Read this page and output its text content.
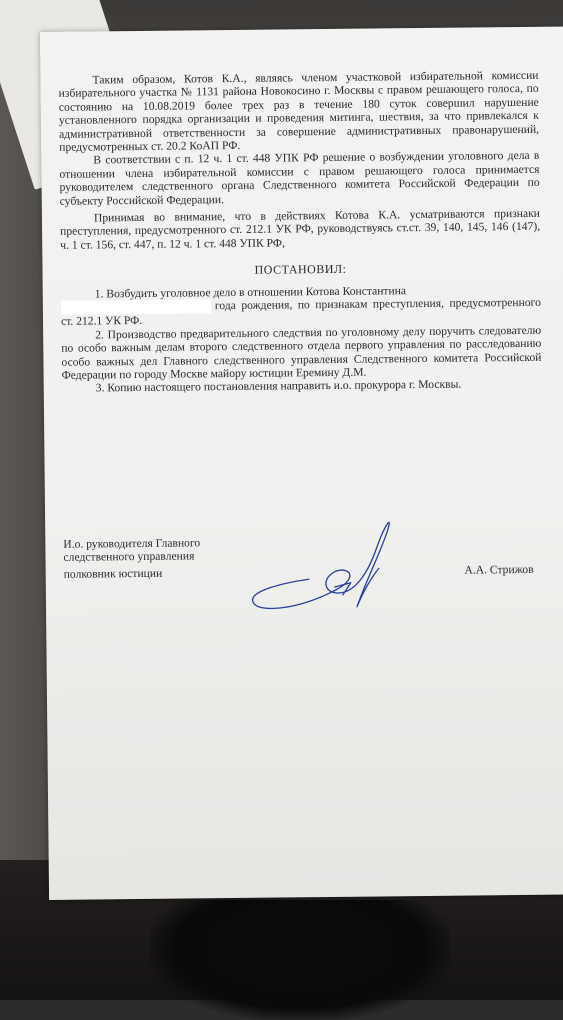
Таким образом, Котов К.А., являясь членом участковой избирательной комиссии избирательного участка № 1131 района Новокосино г. Москвы с правом решающего голоса, по состоянию на 10.08.2019 более трех раз в течение 180 суток совершил нарушение установленного порядка организации и проведения митинга, шествия, за что привлекался к административной ответственности за совершение административных правонарушений, предусмотренных ст. 20.2 КоАП РФ.

В соответствии с п. 12 ч. 1 ст. 448 УПК РФ решение о возбуждении уголовного дела в отношении члена избирательной комиссии с правом решающего голоса принимается руководителем следственного органа Следственного комитета Российской Федерации по субъекту Российской Федерации.

Принимая во внимание, что в действиях Котова К.А. усматриваются признаки преступления, предусмотренного ст. 212.1 УК РФ, руководствуясь ст.ст. 39, 140, 145, 146 (147), ч. 1 ст. 156, ст. 447, п. 12 ч. 1 ст. 448 УПК РФ,

ПОСТАНОВИЛ:

1. Возбудить уголовное дело в отношении Котова Константина
года рождения, по признакам преступления, предусмотренного ст. 212.1 УК РФ.

2. Производство предварительного следствия по уголовному делу поручить следователю по особо важным делам второго следственного отдела первого управления по расследованию особо важных дел Главного следственного управления Следственного комитета Российской Федерации по городу Москве майору юстиции Еремину Д.М.

3. Копию настоящего постановления направить и.о. прокурора г. Москвы.

И.о. руководителя Главного
следственного управления
полковник юстиции	А.А. Стрижов
